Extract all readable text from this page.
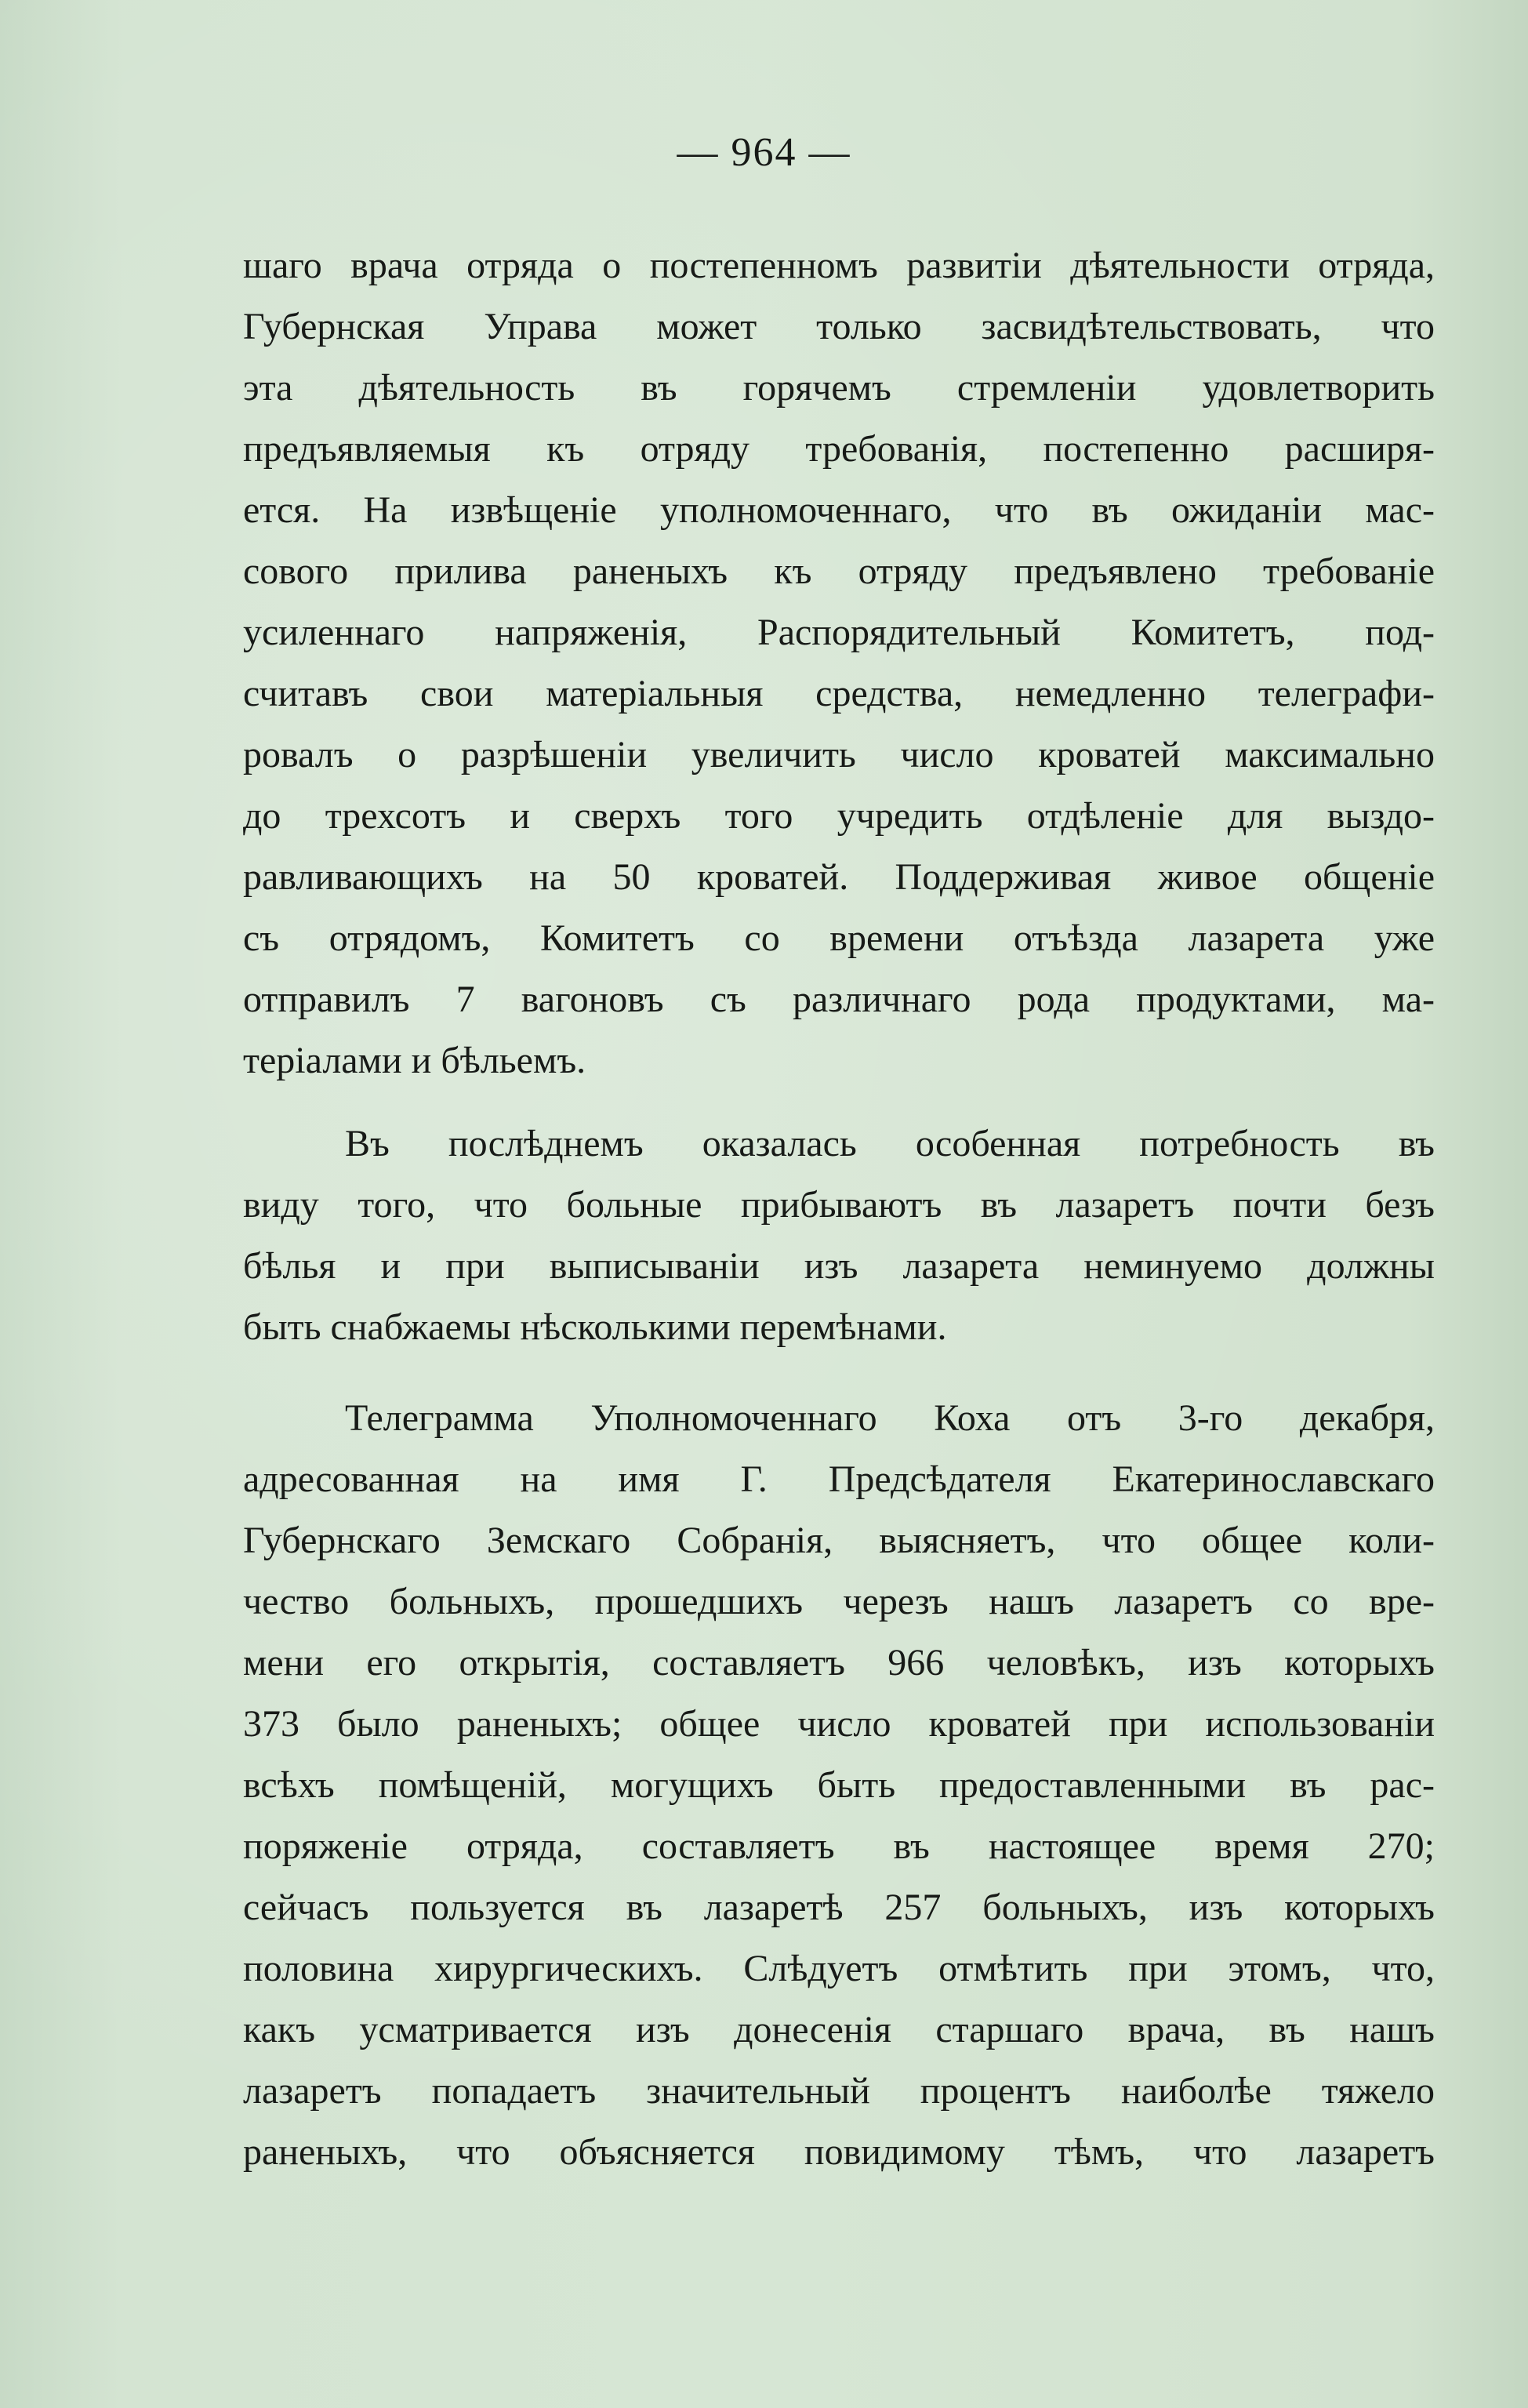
— 964 —
шаго врача отряда о постепенномъ развитіи дѣятельности отряда,
Губернская Управа может только засвидѣтельствовать, что
эта дѣятельность въ горячемъ стремленіи удовлетворить
предъявляемыя къ отряду требованія, постепенно расширя-
ется. На извѣщеніе уполномоченнаго, что въ ожиданіи мас-
сового прилива раненыхъ къ отряду предъявлено требованіе
усиленнаго напряженія, Распорядительный Комитетъ, под-
считавъ свои матеріальныя средства, немедленно телеграфи-
ровалъ о разрѣшеніи увеличить число кроватей максимально
до трехсотъ и сверхъ того учредить отдѣленіе для выздо-
равливающихъ на 50 кроватей. Поддерживая живое общеніе
съ отрядомъ, Комитетъ со времени отъѣзда лазарета уже
отправилъ 7 вагоновъ съ различнаго рода продуктами, ма-
теріалами и бѣльемъ.
Въ послѣднемъ оказалась особенная потребность въ
виду того, что больные прибываютъ въ лазаретъ почти безъ
бѣлья и при выписываніи изъ лазарета неминуемо должны
быть снабжаемы нѣсколькими перемѣнами.
Телеграмма Уполномоченнаго Коха отъ 3-го декабря,
адресованная на имя Г. Предсѣдателя Екатеринославскаго
Губернскаго Земскаго Собранія, выясняетъ, что общее коли-
чество больныхъ, прошедшихъ черезъ нашъ лазаретъ со вре-
мени его открытія, составляетъ 966 человѣкъ, изъ которыхъ
373 было раненыхъ; общее число кроватей при использованіи
всѣхъ помѣщеній, могущихъ быть предоставленными въ рас-
поряженіе отряда, составляетъ въ настоящее время 270;
сейчасъ пользуется въ лазаретѣ 257 больныхъ, изъ которыхъ
половина хирургическихъ. Слѣдуетъ отмѣтить при этомъ, что,
какъ усматривается изъ донесенія старшаго врача, въ нашъ
лазаретъ попадаетъ значительный процентъ наиболѣе тяжело
раненыхъ, что объясняется повидимому тѣмъ, что лазаретъ
